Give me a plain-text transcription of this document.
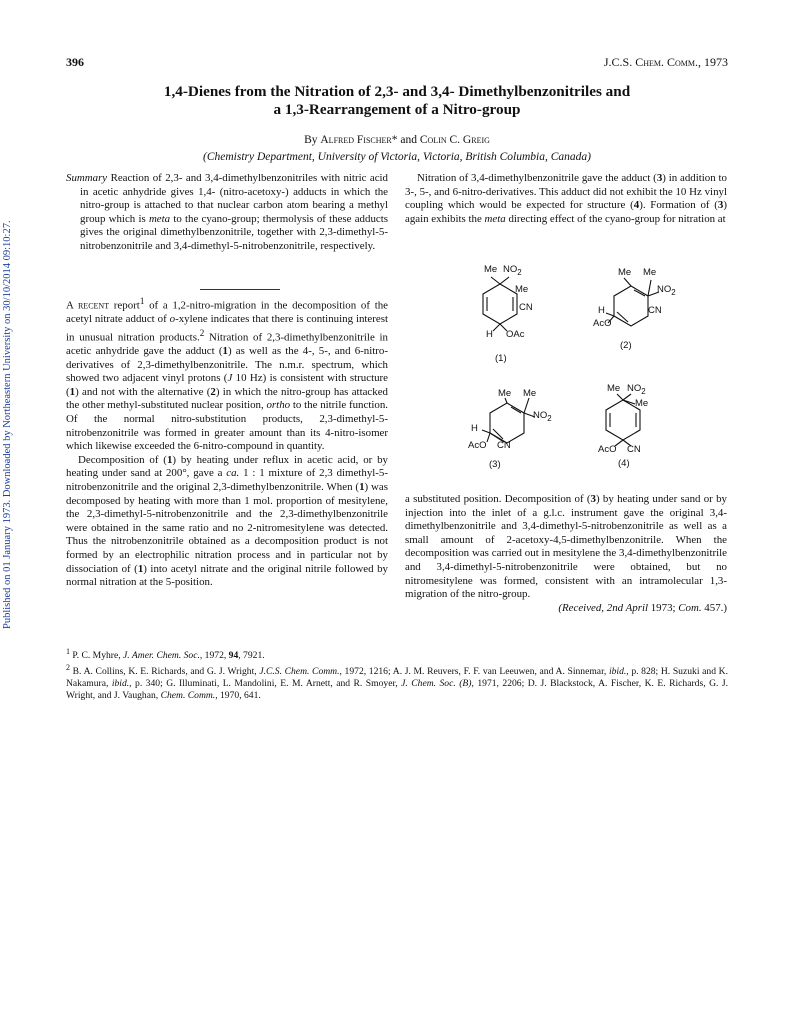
Published on 01 January 1973. Downloaded by Northeastern University on 30/10/2014 09:10:27.
396	J.C.S. Chem. Comm., 1973
1,4-Dienes from the Nitration of 2,3- and 3,4- Dimethylbenzonitriles and
a 1,3-Rearrangement of a Nitro-group
By Alfred Fischer* and Colin C. Greig
(Chemistry Department, University of Victoria, Victoria, British Columbia, Canada)

Summary Reaction of 2,3- and 3,4-dimethylbenzonitriles with nitric acid in acetic anhydride gives 1,4- (nitro-acetoxy-) adducts in which the nitro-group is attached to that nuclear carbon atom bearing a methyl group which is meta to the cyano-group; thermolysis of these adducts gives the original dimethylbenzonitrile, together with 2,3-dimethyl-5-nitrobenzonitrile and 3,4-dimethyl-5-nitrobenzonitrile, respectively.

A recent report$^1$ of a 1,2-nitro-migration in the decomposition of the acetyl nitrate adduct of o-xylene indicates that there is continuing interest in unusual nitration products.$^2$ Nitration of 2,3-dimethylbenzonitrile in acetic anhydride gave the adduct (1) as well as the 4-, 5-, and 6-nitro-derivatives of 2,3-dimethylbenzonitrile. The n.m.r. spectrum, which showed two adjacent vinyl protons (J 10 Hz) is consistent with structure (1) and not with the alternative (2) in which the nitro-group has attacked the other methyl-substituted nuclear position, ortho to the nitrile function. Of the normal nitro-substitution products, 2,3-dimethyl-5-nitrobenzonitrile was formed in greater amount than its 4-nitro-isomer which likewise exceeded the 6-nitro-compound in quantity.

Decomposition of (1) by heating under reflux in acetic acid, or by heating under sand at 200°, gave a ca. 1 : 1 mixture of 2,3 dimethyl-5-nitrobenzonitrile and the original 2,3-dimethylbenzonitrile. When (1) was decomposed by heating with more than 1 mol. proportion of mesitylene, the 2,3-dimethyl-5-nitrobenzonitrile and the 2,3-dimethylbenzonitrile were obtained in the same ratio and no 2-nitromesitylene was detected. Thus the nitrobenzonitrile obtained as a decomposition product is not formed by an electrophilic nitration process and in particular not by dissociation of (1) into acetyl nitrate and the original nitrile followed by normal nitration at the 5-position.

Nitration of 3,4-dimethylbenzonitrile gave the adduct (3) in addition to 3-, 5-, and 6-nitro-derivatives. This adduct did not exhibit the 10 Hz vinyl coupling which would be expected for structure (4). Formation of (3) again exhibits the meta directing effect of the cyano-group for nitration at

Me $NO_2$
Me
CN
H OAc
(1)
Me Me
$NO_2$
H	CN
AcO
(2)
Me Me
$NO_2$
H
AcO CN
(3)
Me $NO_2$
Me
AcO CN
(4)

a substituted position. Decomposition of (3) by heating under sand or by injection into the inlet of a g.l.c. instrument gave the original 3,4-dimethylbenzonitrile and 3,4-dimethyl-5-nitrobenzonitrile as well as a small amount of 2-acetoxy-4,5-dimethylbenzonitrile. When the decomposition was carried out in mesitylene the 3,4-dimethylbenzonitrile and 3,4-dimethyl-5-nitrobenzonitrile were obtained, but no nitromesitylene was formed, consistent with an intramolecular 1,3-migration of the nitro-group.

(Received, 2nd April 1973; Com. 457.)

$^1$ P. C. Myhre, J. Amer. Chem. Soc., 1972, 94, 7921.

$^2$ B. A. Collins, K. E. Richards, and G. J. Wright, J.C.S. Chem. Comm., 1972, 1216; A. J. M. Reuvers, F. F. van Leeuwen, and A. Sinnemar, ibid., p. 828; H. Suzuki and K. Nakamura, ibid., p. 340; G. Illuminati, L. Mandolini, E. M. Arnett, and R. Smoyer, J. Chem. Soc. (B), 1971, 2206; D. J. Blackstock, A. Fischer, K. E. Richards, G. J. Wright, and J. Vaughan, Chem. Comm., 1970, 641.
